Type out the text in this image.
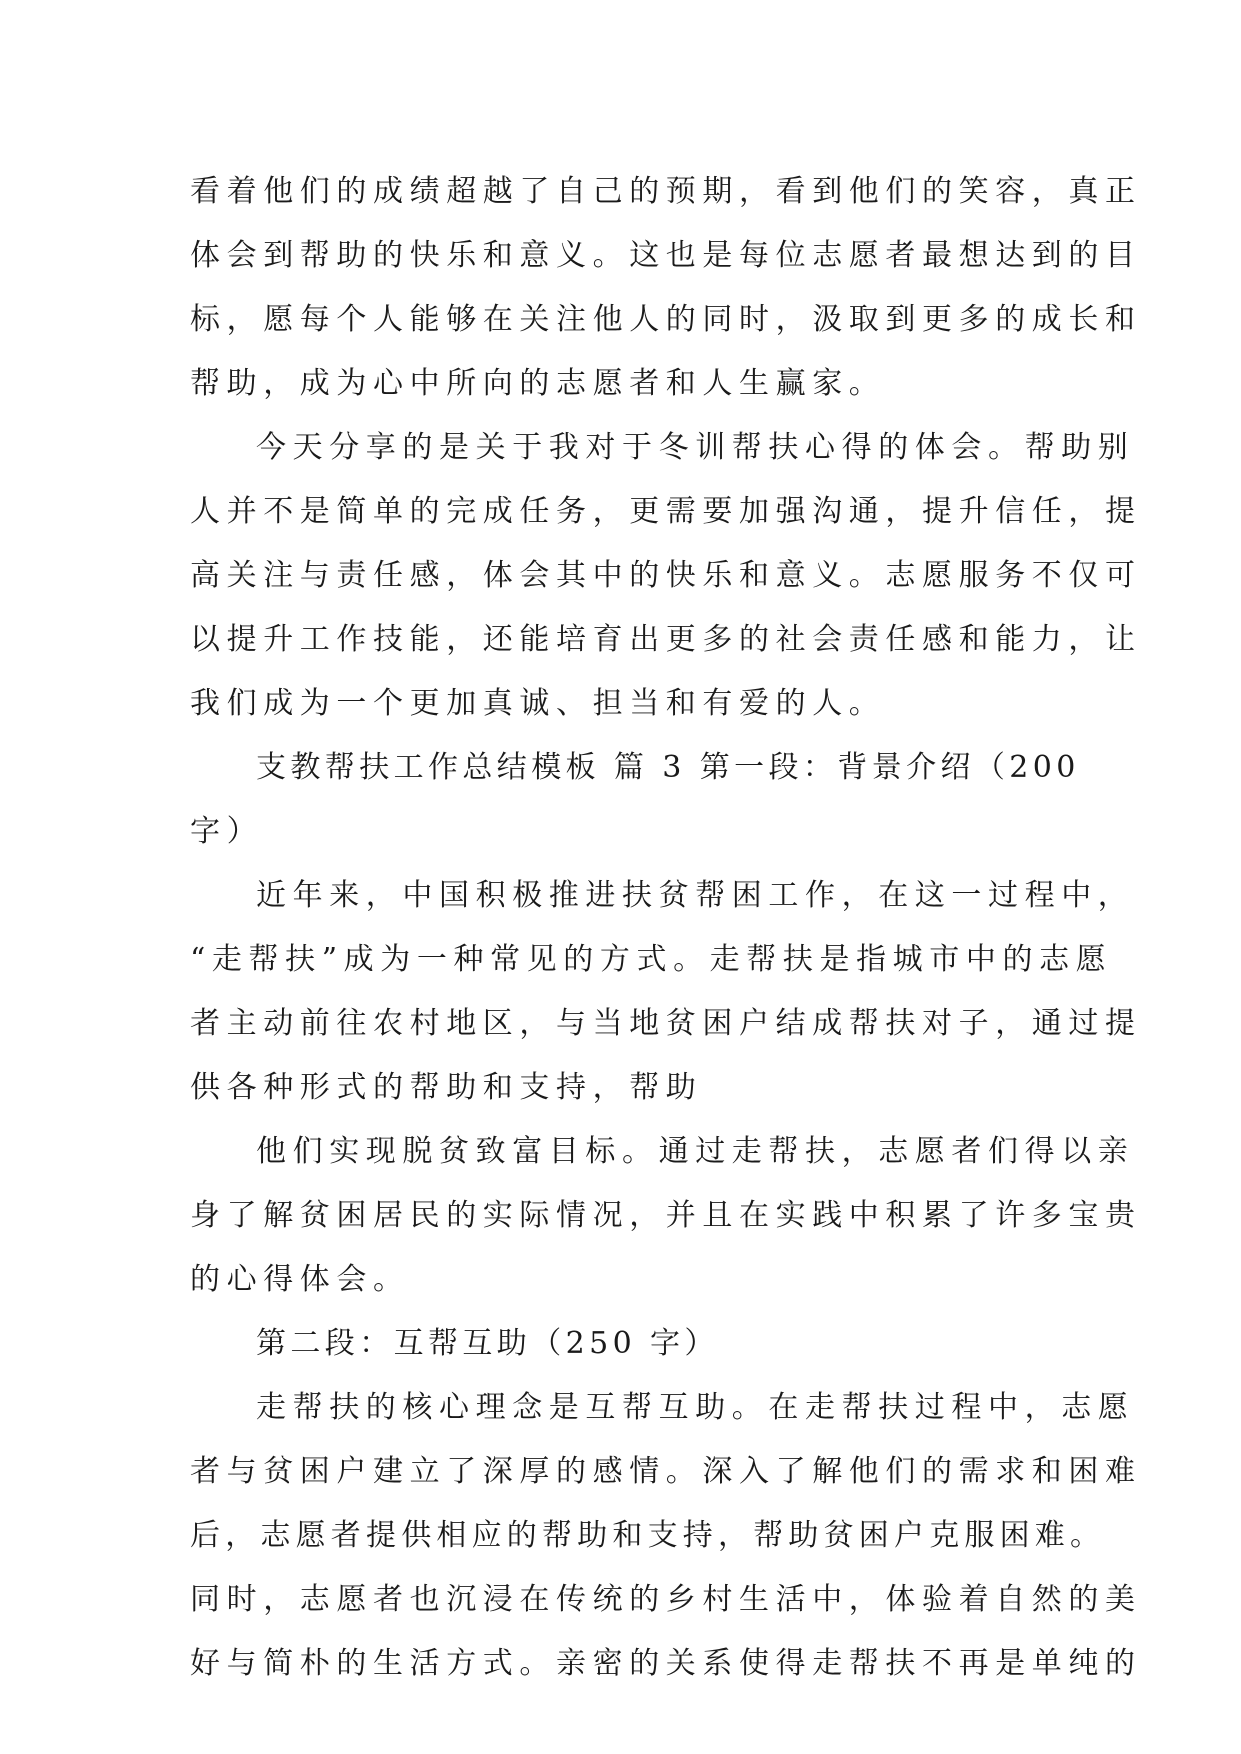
看着他们的成绩超越了自己的预期，看到他们的笑容，真正
体会到帮助的快乐和意义。这也是每位志愿者最想达到的目
标，愿每个人能够在关注他人的同时，汲取到更多的成长和
帮助，成为心中所向的志愿者和人生赢家。
今天分享的是关于我对于冬训帮扶心得的体会。帮助别
人并不是简单的完成任务，更需要加强沟通，提升信任，提
高关注与责任感，体会其中的快乐和意义。志愿服务不仅可
以提升工作技能，还能培育出更多的社会责任感和能力，让
我们成为一个更加真诚、担当和有爱的人。
支教帮扶工作总结模板 篇 3 第一段：背景介绍（200
字）
近年来，中国积极推进扶贫帮困工作，在这一过程中，
“走帮扶”成为一种常见的方式。走帮扶是指城市中的志愿
者主动前往农村地区，与当地贫困户结成帮扶对子，通过提
供各种形式的帮助和支持，帮助
他们实现脱贫致富目标。通过走帮扶，志愿者们得以亲
身了解贫困居民的实际情况，并且在实践中积累了许多宝贵
的心得体会。
第二段：互帮互助（250 字）
走帮扶的核心理念是互帮互助。在走帮扶过程中，志愿
者与贫困户建立了深厚的感情。深入了解他们的需求和困难
后，志愿者提供相应的帮助和支持，帮助贫困户克服困难。
同时，志愿者也沉浸在传统的乡村生活中，体验着自然的美
好与简朴的生活方式。亲密的关系使得走帮扶不再是单纯的
